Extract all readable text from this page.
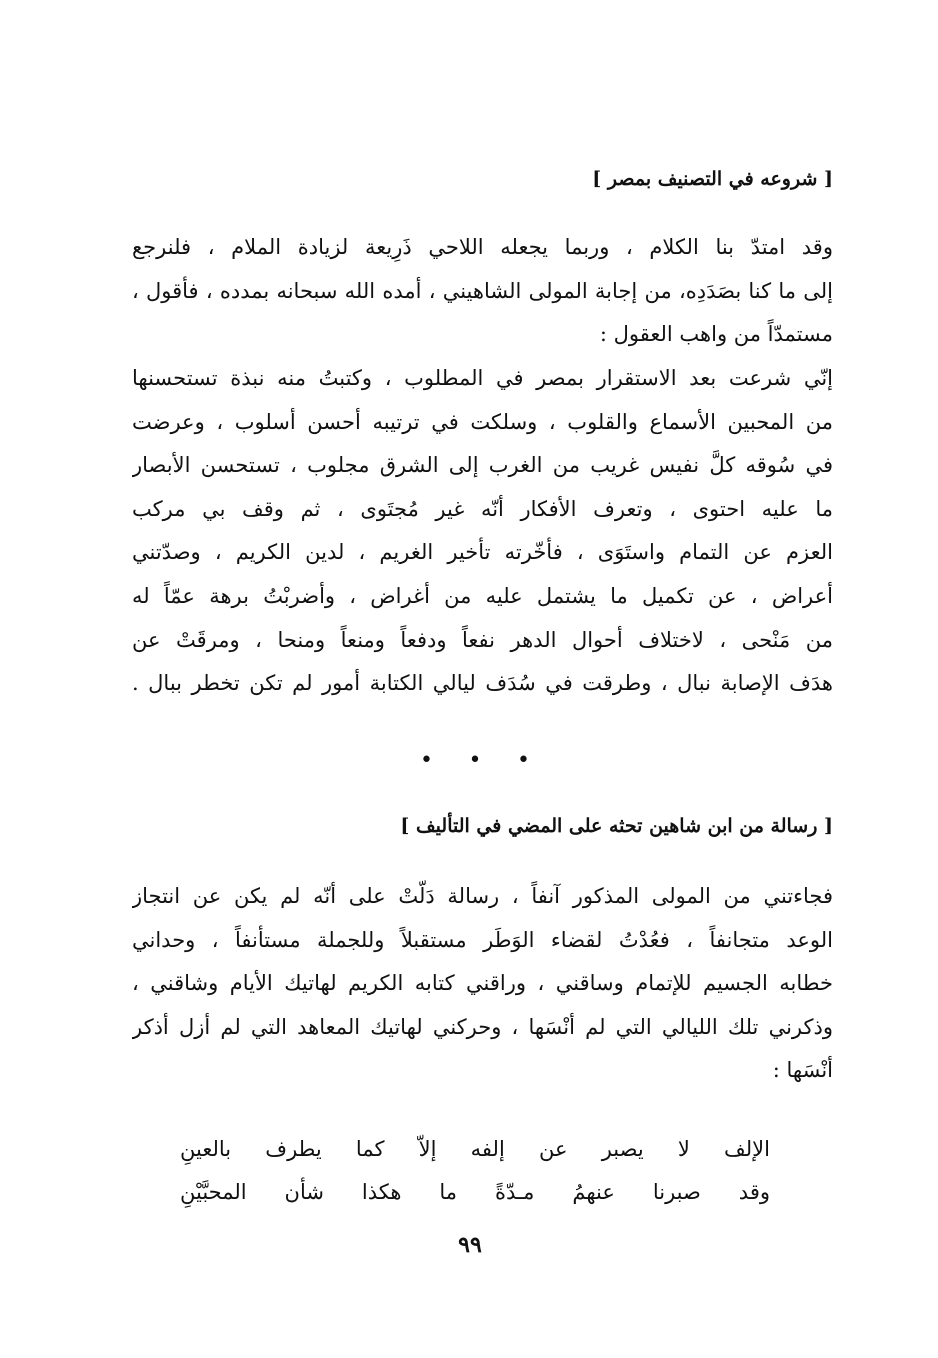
[ شروعه في التصنيف بمصر ]
وقد امتدّ بنا الكلام ، وربما يجعله اللاحي ذَرِيعة لزيادة الملام ، فلنرجع
إلى ما كنا بصَدَدِه، من إجابة المولى الشاهيني ، أمده الله سبحانه بمدده ، فأقول ،
مستمدّاً من واهب العقول :
إنّي شرعت بعد الاستقرار بمصر في المطلوب ، وكتبتُ منه نبذة تستحسنها
من المحبين الأسماع والقلوب ، وسلكت في ترتيبه أحسن أسلوب ، وعرضت
في سُوقه كلَّ نفيس غريب من الغرب إلى الشرق مجلوب ، تستحسن الأبصار
ما عليه احتوى ، وتعرف الأفكار أنّه غير مُجتَوى ، ثم وقف بي مركب
العزم عن التمام واستَوَى ، فأخّرته تأخير الغريم ، لدين الكريم ، وصدّتني
أعراض ، عن تكميل ما يشتمل عليه من أغراض ، وأضربْتُ برهة عمّاً له
من مَنْحى ، لاختلاف أحوال الدهر نفعاً ودفعاً ومنعاً ومنحا ، ومرقَتْ عن
هدَف الإصابة نبال ، وطرقت في سُدَف ليالي الكتابة أمور لم تكن تخطر ببال .
• • •
[ رسالة من ابن شاهين تحثه على المضي في التأليف ]
فجاءتني من المولى المذكور آنفاً ، رسالة دَلّتْ على أنّه لم يكن عن انتجاز
الوعد متجانفاً ، فعُدْتُ لقضاء الوَطَر مستقبلاً وللجملة مستأنفاً ، وحداني
خطابه الجسيم للإتمام وساقني ، وراقني كتابه الكريم لهاتيك الأيام وشاقني ،
وذكرني تلك الليالي التي لم أنْسَها ، وحركني لهاتيك المعاهد التي لم أزل أذكر
أنْسَها :
الإلف لا يصبر عن إلفه إلاّ كما يطرف بالعينِ
وقد صبرنا عنهمُ مـدّةً ما هكذا شأن المحبَّيْنِ
٩٩
